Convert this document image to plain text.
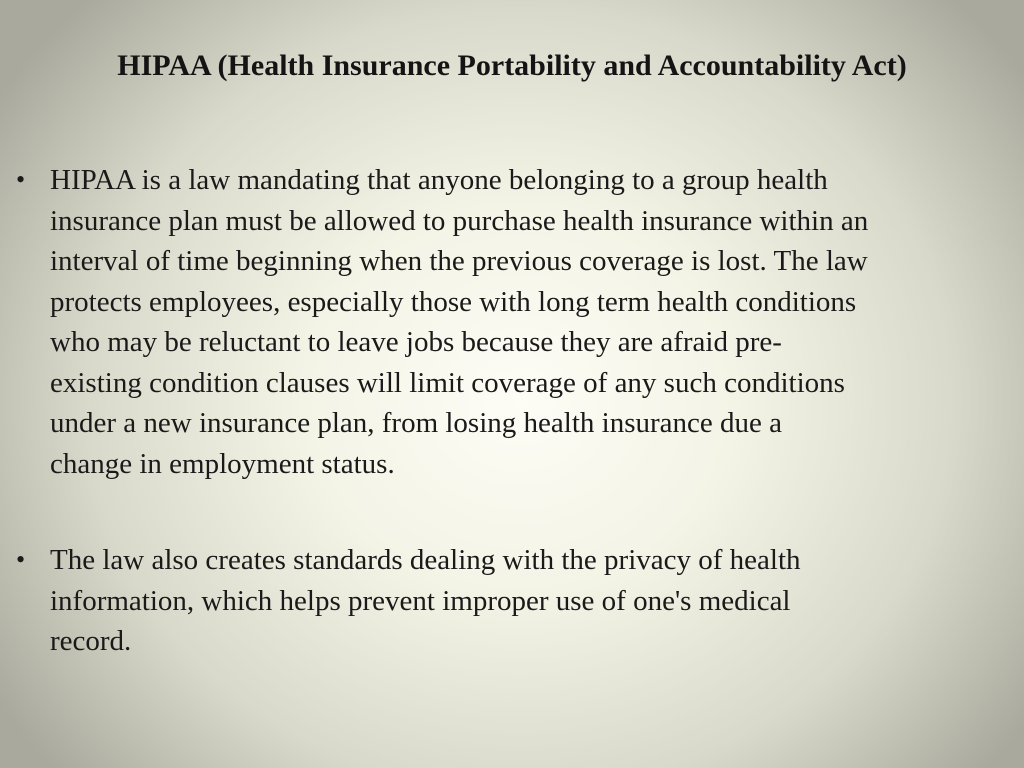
HIPAA (Health Insurance Portability and Accountability Act)
• HIPAA is a law mandating that anyone belonging to a group health
insurance plan must be allowed to purchase health insurance within an
interval of time beginning when the previous coverage is lost. The law
protects employees, especially those with long term health conditions
who may be reluctant to leave jobs because they are afraid pre-
existing condition clauses will limit coverage of any such conditions
under a new insurance plan, from losing health insurance due a
change in employment status.
• The law also creates standards dealing with the privacy of health
information, which helps prevent improper use of one's medical
record.
